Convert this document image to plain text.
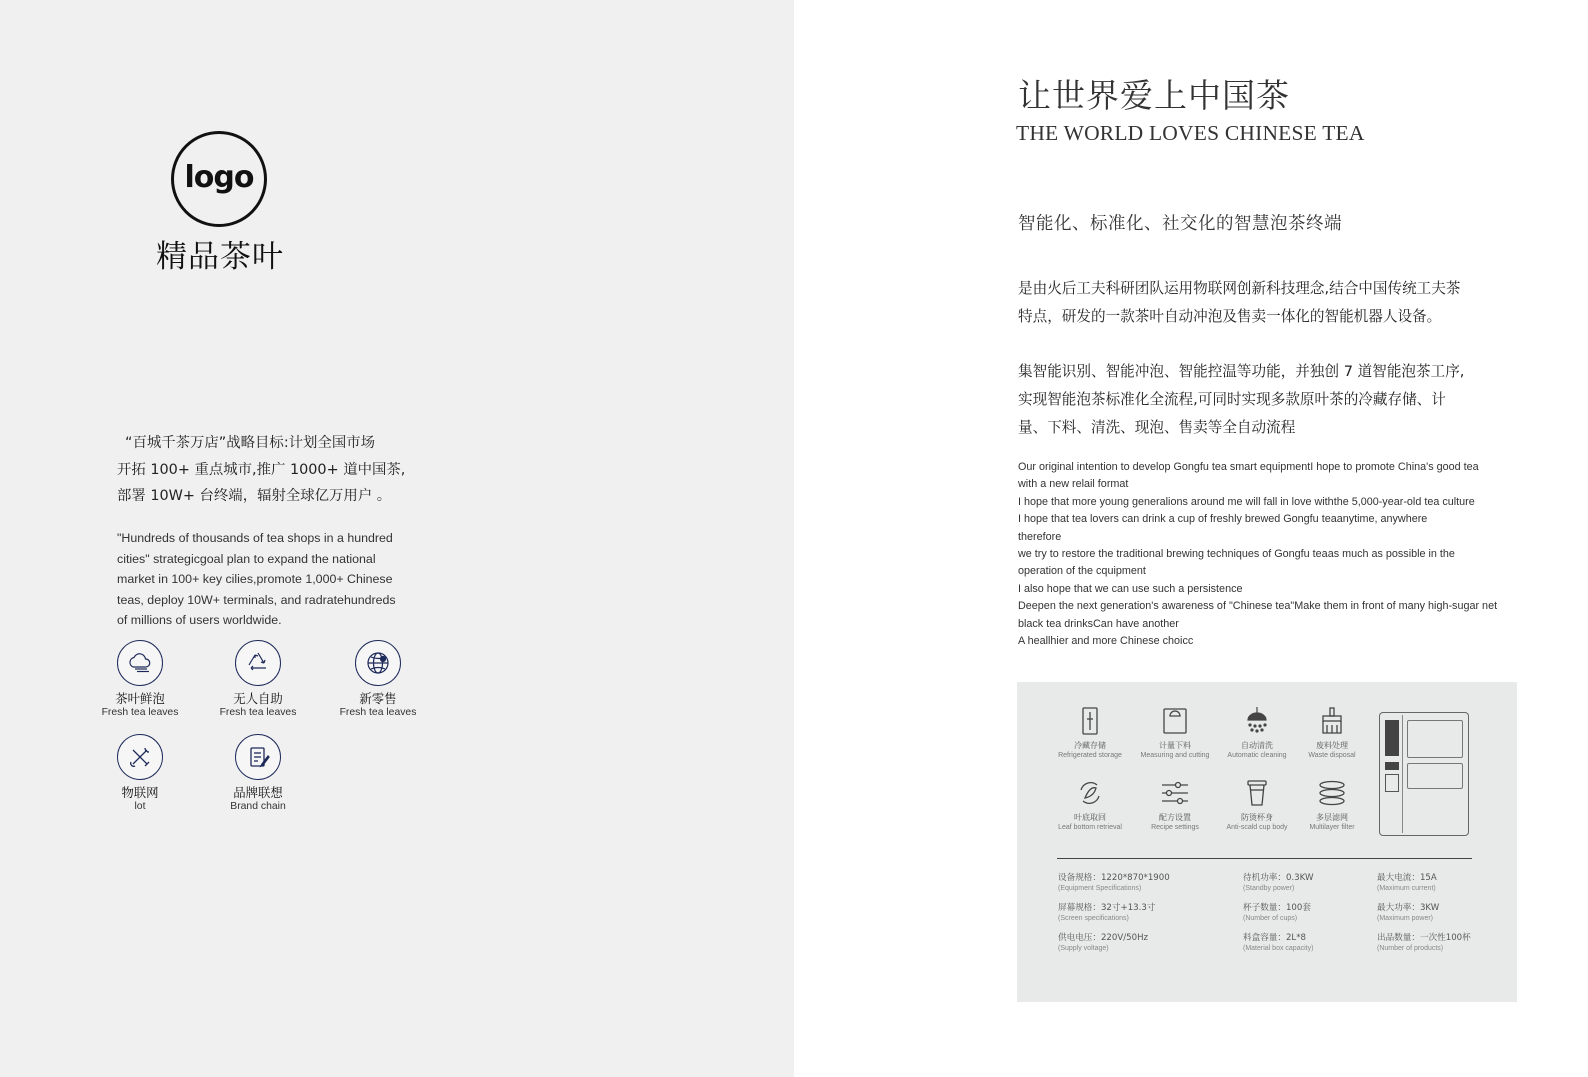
logo
精品茶叶
“百城千茶万店”战略目标:计划全国市场
开拓 100+ 重点城市,推广 1000+ 道中国茶,
部署 10W+ 台终端，辐射全球亿万用户 。
"Hundreds of thousands of tea shops in a hundred
cities" strategicgoal plan to expand the national
market in 100+ key cilies,promote 1,000+ Chinese
teas, deploy 10W+ terminals, and radratehundreds
of millions of users worldwide.
茶叶鲜泡
Fresh tea leaves
无人自助
Fresh tea leaves
新零售
Fresh tea leaves
物联网
lot
品牌联想
Brand chain
让世界爱上中国茶
THE WORLD LOVES CHINESE TEA
智能化、标准化、社交化的智慧泡茶终端
是由火后工夫科研团队运用物联网创新科技理念,结合中国传统工夫茶
特点，研发的一款茶叶自动冲泡及售卖一体化的智能机器人设备。
集智能识别、智能冲泡、智能控温等功能，并独创 7 道智能泡茶工序,
实现智能泡茶标准化全流程,可同时实现多款原叶茶的冷藏存储、计
量、下料、清洗、现泡、售卖等全自动流程
Our original intention to develop Gongfu tea smart equipmentI hope to promote China's good tea
with a new relail format
I hope that more young generalions around me will fall in love withthe 5,000-year-old tea culture
I hope that tea lovers can drink a cup of freshly brewed Gongfu teaanytime, anywhere
therefore
we try to restore the traditional brewing techniques of Gongfu teaas much as possible in the
operation of the cquipment
I also hope that we can use such a persistence
Deepen the next generation's awareness of "Chinese tea"Make them in front of many high-sugar net
black tea drinksCan have another
A heallhier and more Chinese choicc
冷藏存储
Refrigerated storage
计量下料
Measuring and cutting
自动清洗
Automatic cleaning
废料处理
Waste disposal
叶底取回
Leaf bottom retrieval
配方设置
Recipe settings
防烫杯身
Anti-scald cup body
多层滤网
Multilayer filter
设备规格：1220*870*1900
(Equipment Specifications)
待机功率：0.3KW
(Standby power)
最大电流：15A
(Maximum current)
屏幕规格：32寸+13.3寸
(Screen specifications)
杯子数量：100套
(Number of cups)
最大功率：3KW
(Maximum power)
供电电压：220V/50Hz
(Supply voltage)
料盒容量：2L*8
(Material box capacity)
出品数量：一次性100杯
(Number of products)
